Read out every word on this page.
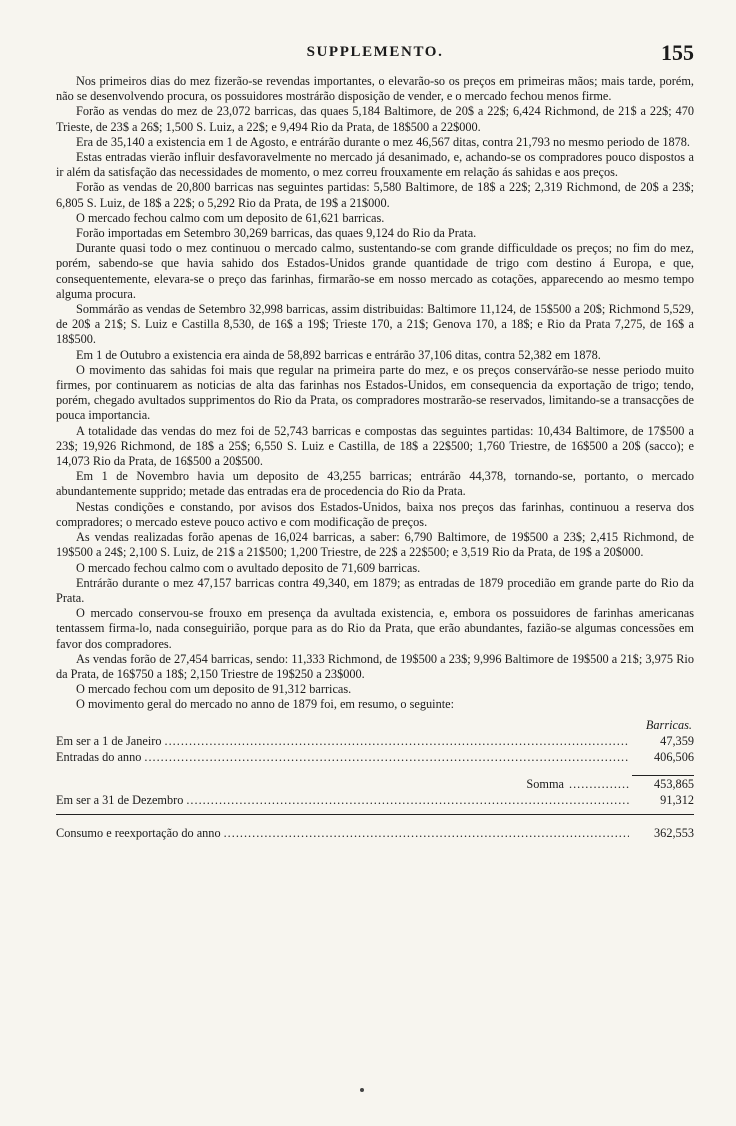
SUPPLEMENTO.	155

Nos primeiros dias do mez fizerão-se revendas importantes, o elevarão-so os preços em primeiras mãos; mais tarde, porém, não se desenvolvendo procura, os possuidores mostrárão disposição de vender, e o mercado fechou menos firme.

Forão as vendas do mez de 23,072 barricas, das quaes 5,184 Baltimore, de 20$ a 22$; 6,424 Richmond, de 21$ a 22$; 470 Trieste, de 23$ a 26$; 1,500 S. Luiz, a 22$; e 9,494 Rio da Prata, de 18$500 a 22$000.

Era de 35,140 a existencia em 1 de Agosto, e entrárão durante o mez 46,567 ditas, contra 21,793 no mesmo periodo de 1878.

Estas entradas vierão influir desfavoravelmente no mercado já desanimado, e, achando-se os compradores pouco dispostos a ir além da satisfação das necessidades de momento, o mez correu frouxamente em relação ás sahidas e aos preços.

Forão as vendas de 20,800 barricas nas seguintes partidas: 5,580 Baltimore, de 18$ a 22$; 2,319 Richmond, de 20$ a 23$; 6,805 S. Luiz, de 18$ a 22$; o 5,292 Rio da Prata, de 19$ a 21$000.

O mercado fechou calmo com um deposito de 61,621 barricas.

Forão importadas em Setembro 30,269 barricas, das quaes 9,124 do Rio da Prata.

Durante quasi todo o mez continuou o mercado calmo, sustentando-se com grande difficuldade os preços; no fim do mez, porém, sabendo-se que havia sahido dos Estados-Unidos grande quantidade de trigo com destino á Europa, e que, consequentemente, elevara-se o preço das farinhas, firmarão-se em nosso mercado as cotações, apparecendo ao mesmo tempo alguma procura.

Sommárão as vendas de Setembro 32,998 barricas, assim distribuidas: Baltimore 11,124, de 15$500 a 20$; Richmond 5,529, de 20$ a 21$; S. Luiz e Castilla 8,530, de 16$ a 19$; Trieste 170, a 21$; Genova 170, a 18$; e Rio da Prata 7,275, de 16$ a 18$500.

Em 1 de Outubro a existencia era ainda de 58,892 barricas e entrárão 37,106 ditas, contra 52,382 em 1878.

O movimento das sahidas foi mais que regular na primeira parte do mez, e os preços conservárão-se nesse periodo muito firmes, por continuarem as noticias de alta das farinhas nos Estados-Unidos, em consequencia da exportação de trigo; tendo, porém, chegado avultados supprimentos do Rio da Prata, os compradores mostrarão-se reservados, limitando-se a transacções de pouca importancia.

A totalidade das vendas do mez foi de 52,743 barricas e compostas das seguintes partidas: 10,434 Baltimore, de 17$500 a 23$; 19,926 Richmond, de 18$ a 25$; 6,550 S. Luiz e Castilla, de 18$ a 22$500; 1,760 Triestre, de 16$500 a 20$ (sacco); e 14,073 Rio da Prata, de 16$500 a 20$500.

Em 1 de Novembro havia um deposito de 43,255 barricas; entrárão 44,378, tornando-se, portanto, o mercado abundantemente supprido; metade das entradas era de procedencia do Rio da Prata.

Nestas condições e constando, por avisos dos Estados-Unidos, baixa nos preços das farinhas, continuou a reserva dos compradores; o mercado esteve pouco activo e com modificação de preços.

As vendas realizadas forão apenas de 16,024 barricas, a saber: 6,790 Baltimore, de 19$500 a 23$; 2,415 Richmond, de 19$500 a 24$; 2,100 S. Luiz, de 21$ a 21$500; 1,200 Triestre, de 22$ a 22$500; e 3,519 Rio da Prata, de 19$ a 20$000.

O mercado fechou calmo com o avultado deposito de 71,609 barricas.

Entrárão durante o mez 47,157 barricas contra 49,340, em 1879; as entradas de 1879 procedião em grande parte do Rio da Prata.

O mercado conservou-se frouxo em presença da avultada existencia, e, embora os possuidores de farinhas americanas tentassem firma-lo, nada conseguirião, porque para as do Rio da Prata, que erão abundantes, fazião-se algumas concessões em favor dos compradores.

As vendas forão de 27,454 barricas, sendo: 11,333 Richmond, de 19$500 a 23$; 9,996 Baltimore de 19$500 a 21$; 3,975 Rio da Prata, de 16$750 a 18$; 2,150 Triestre de 19$250 a 23$000.

O mercado fechou com um deposito de 91,312 barricas.

O movimento geral do mercado no anno de 1879 foi, em resumo, o seguinte:

Barricas.
Em ser a 1 de Janeiro .....	47,359
Entradas do anno .....	406,506
Somma .....	453,865
Em ser a 31 de Dezembro .....	91,312
Consumo e reexportação do anno .....	362,553
